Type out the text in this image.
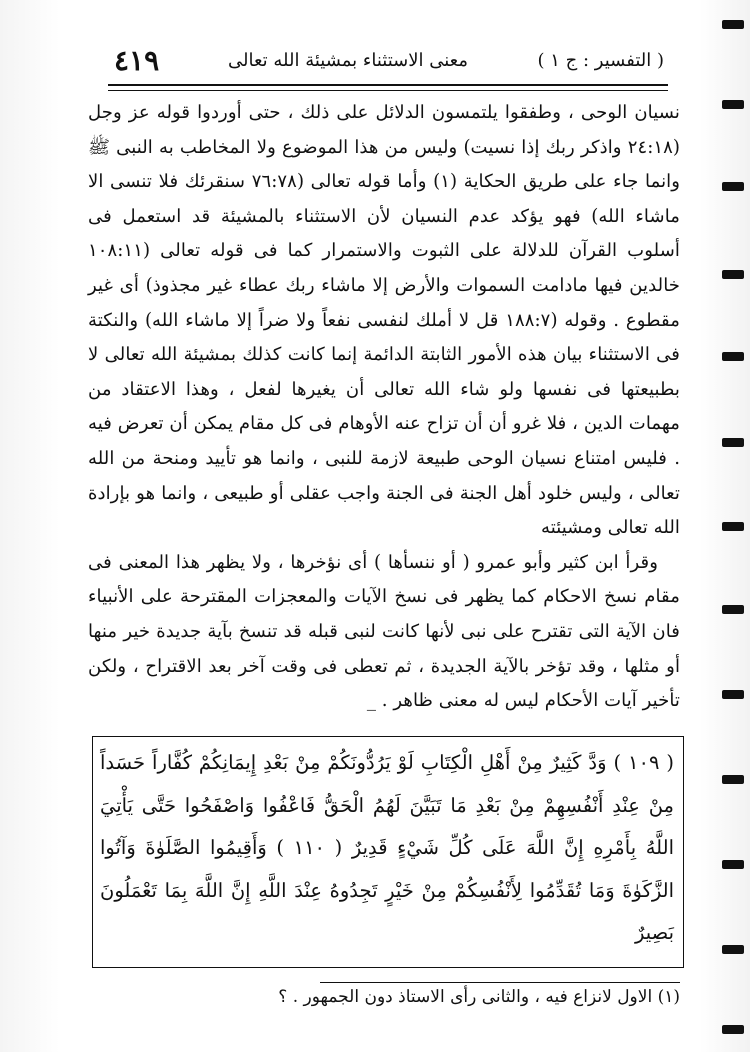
( التفسير : ج ١ )
معنى الاستثناء بمشيئة الله تعالى
٤١٩

نسيان الوحى ، وطفقوا يلتمسون الدلائل على ذلك ، حتى أوردوا قوله عز وجل (٢٤:١٨ واذكر ربك إذا نسيت) وليس من هذا الموضوع ولا المخاطب به النبى ﷺ وانما جاء على طريق الحكاية (١) وأما قوله تعالى (٧٦:٧٨ سنقرئك فلا تنسى الا ماشاء الله) فهو يؤكد عدم النسيان لأن الاستثناء بالمشيئة قد استعمل فى أسلوب القرآن للدلالة على الثبوت والاستمرار كما فى قوله تعالى (١٠٨:١١ خالدين فيها مادامت السموات والأرض إلا ماشاء ربك عطاء غير مجذوذ) أى غير مقطوع . وقوله (١٨٨:٧ قل لا أملك لنفسى نفعاً ولا ضراً إلا ماشاء الله) والنكتة فى الاستثناء بيان هذه الأمور الثابتة الدائمة إنما كانت كذلك بمشيئة الله تعالى لا بطبيعتها فى نفسها ولو شاء الله تعالى أن يغيرها لفعل ، وهذا الاعتقاد من مهمات الدين ، فلا غرو أن أن تزاح عنه الأوهام فى كل مقام يمكن أن تعرض فيه . فليس امتناع نسيان الوحى طبيعة لازمة للنبى ، وانما هو تأييد ومنحة من الله تعالى ، وليس خلود أهل الجنة فى الجنة واجب عقلى أو طبيعى ، وانما هو بإرادة الله تعالى ومشيئته

وقرأ ابن كثير وأبو عمرو ( أو ننسأها ) أى نؤخرها ، ولا يظهر هذا المعنى فى مقام نسخ الاحكام كما يظهر فى نسخ الآيات والمعجزات المقترحة على الأنبياء فان الآية التى تقترح على نبى لأنها كانت لنبى قبله قد تنسخ بآية جديدة خير منها أو مثلها ، وقد تؤخر بالآية الجديدة ، ثم تعطى فى وقت آخر بعد الاقتراح ، ولكن تأخير آيات الأحكام ليس له معنى ظاهر . _

( ١٠٩ ) وَدَّ كَثِيرٌ مِنْ أَهْلِ الْكِتَابِ لَوْ يَرُدُّونَكُمْ مِنْ بَعْدِ إِيمَانِكُمْ كُفَّاراً حَسَداً مِنْ عِنْدِ أَنْفُسِهِمْ مِنْ بَعْدِ مَا تَبَيَّنَ لَهُمُ الْحَقُّ فَاعْفُوا وَاصْفَحُوا حَتَّى يَأْتِيَ اللَّهُ بِأَمْرِهِ إِنَّ اللَّهَ عَلَى كُلِّ شَيْءٍ قَدِيرٌ ( ١١٠ ) وَأَقِيمُوا الصَّلَوٰةَ وَآتُوا الزَّكَوٰةَ وَمَا تُقَدِّمُوا لِأَنْفُسِكُمْ مِنْ خَيْرٍ تَجِدُوهُ عِنْدَ اللَّهِ إِنَّ اللَّهَ بِمَا تَعْمَلُونَ بَصِيرٌ
(١) الاول لانزاع فيه ، والثانى رأى الاستاذ دون الجمهور . ؟
